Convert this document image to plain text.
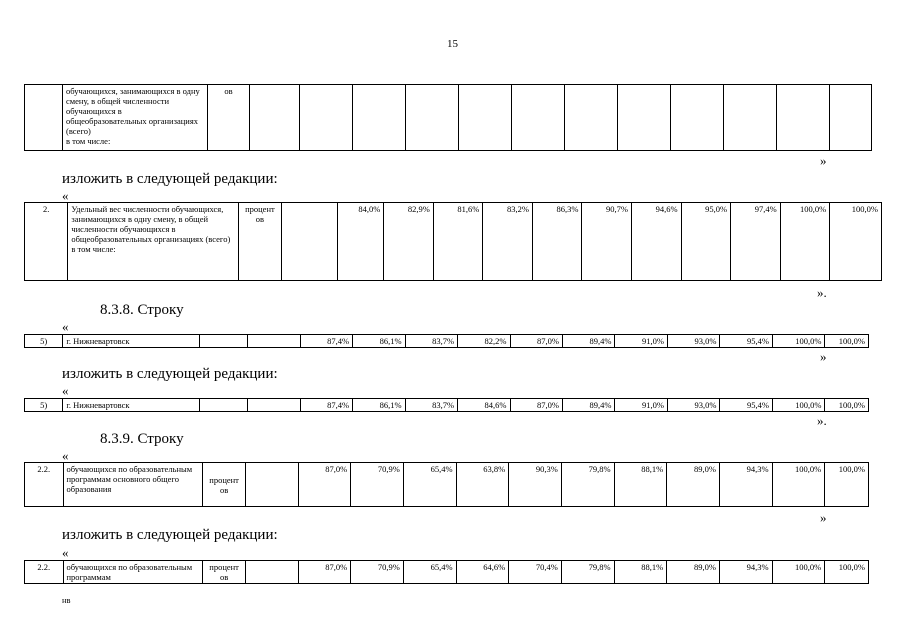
15
	обучающихся, занимающихся в одну смену, в общей численности обучающихся в общеобразовательных организациях (всего)
в том числе:	ов												
»
изложить в следующей редакции:
«
2.	Удельный вес численности обучающихся, занимающихся в одну смену, в общей численности обучающихся в общеобразовательных организациях (всего)
в том числе:	процент ов		84,0%	82,9%	81,6%	83,2%	86,3%	90,7%	94,6%	95,0%	97,4%	100,0%	100,0%
».
8.3.8. Строку
«
5)	г. Нижневартовск			87,4%	86,1%	83,7%	82,2%	87,0%	89,4%	91,0%	93,0%	95,4%	100,0%	100,0%
»
изложить в следующей редакции:
«
5)	г. Нижневартовск			87,4%	86,1%	83,7%	84,6%	87,0%	89,4%	91,0%	93,0%	95,4%	100,0%	100,0%
».
8.3.9. Строку
«
2.2.	обучающихся по образовательным программам основного общего образования	процент ов		87,0%	70,9%	65,4%	63,8%	90,3%	79,8%	88,1%	89,0%	94,3%	100,0%	100,0%
»
изложить в следующей редакции:
«
2.2.	обучающихся по образовательным программам	процент ов		87,0%	70,9%	65,4%	64,6%	70,4%	79,8%	88,1%	89,0%	94,3%	100,0%	100,0%
нв
